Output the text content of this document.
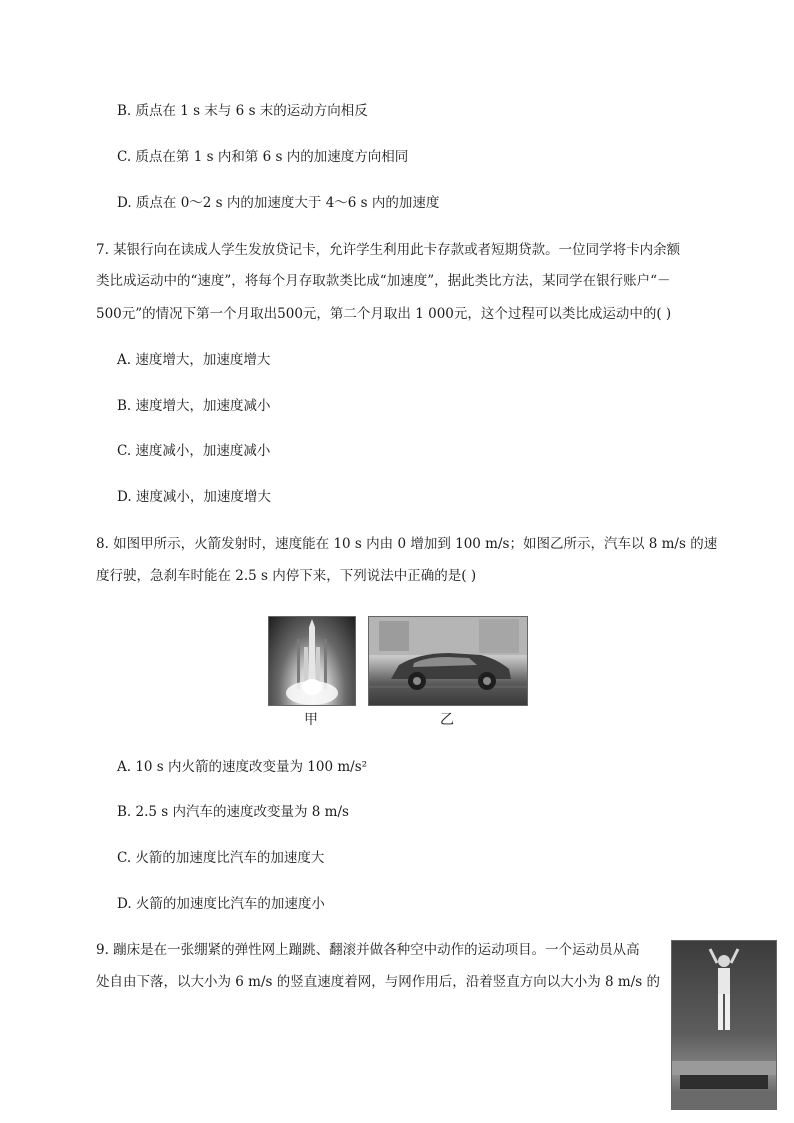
B. 质点在 1 s 末与 6 s 末的运动方向相反
C. 质点在第 1 s 内和第 6 s 内的加速度方向相同
D. 质点在 0～2 s 内的加速度大于 4～6 s 内的加速度
7. 某银行向在读成人学生发放贷记卡，允许学生利用此卡存款或者短期贷款。一位同学将卡内余额
类比成运动中的“速度”，将每个月存取款类比成“加速度”，据此类比方法，某同学在银行账户“－
500元”的情况下第一个月取出500元，第二个月取出 1 000元，这个过程可以类比成运动中的( )
A. 速度增大，加速度增大
B. 速度增大，加速度减小
C. 速度减小，加速度减小
D. 速度减小，加速度增大
8. 如图甲所示，火箭发射时，速度能在 10 s 内由 0 增加到 100 m/s；如图乙所示，汽车以 8 m/s 的速
度行驶，急刹车时能在 2.5 s 内停下来，下列说法中正确的是( )
甲	乙
A. 10 s 内火箭的速度改变量为 100 m/s²
B. 2.5 s 内汽车的速度改变量为 8 m/s
C. 火箭的加速度比汽车的加速度大
D. 火箭的加速度比汽车的加速度小
9. 蹦床是在一张绷紧的弹性网上蹦跳、翻滚并做各种空中动作的运动项目。一个运动员从高
处自由下落，以大小为 6 m/s 的竖直速度着网，与网作用后，沿着竖直方向以大小为 8 m/s 的
